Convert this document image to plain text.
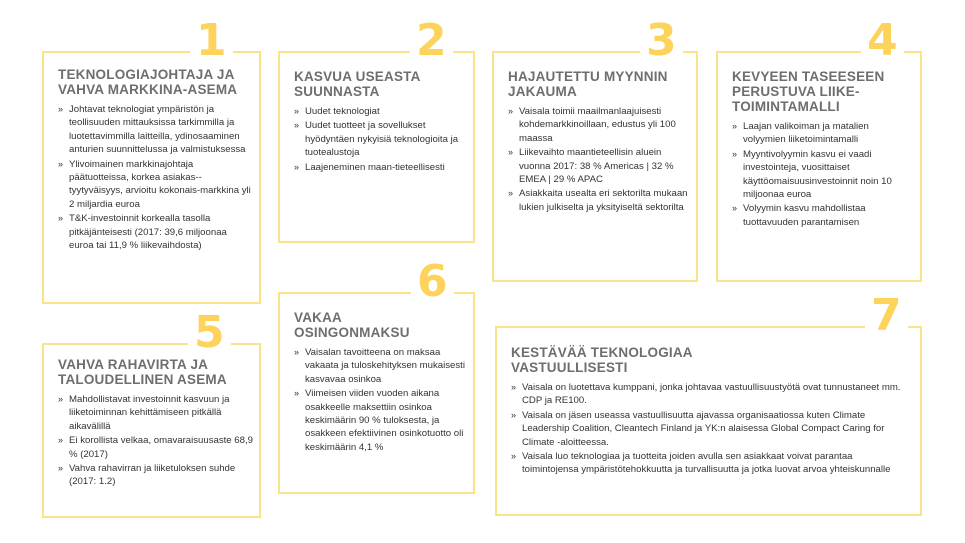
1
TEKNOLOGIAJOHTAJA JA VAHVA MARKKINA-ASEMA
» Johtavat teknologiat ympäristön ja teollisuuden mittauksissa tarkimmilla ja luotettavimmilla laitteilla, ydinosaaminen anturien suunnittelussa ja valmistuksessa
» Ylivoimainen markkinajohtaja päätuotteissa, korkea asiakas--tyytyväisyys, arvioitu kokonais-markkina yli 2 miljardia euroa
» T&K-investoinnit korkealla tasolla pitkäjänteisesti (2017: 39,6 miljoonaa euroa tai 11,9 % liikevaihdosta)
2
KASVUA USEASTA SUUNNASTA
» Uudet teknologiat
» Uudet tuotteet ja sovellukset hyödyntäen nykyisiä teknologioita ja tuotealustoja
» Laajeneminen maan-tieteellisesti
3
HAJAUTETTU MYYNNIN JAKAUMA
» Vaisala toimii maailmanlaajuisesti kohdemarkkinoillaan, edustus yli 100 maassa
» Liikevaihto maantieteellisin aluein vuonna 2017: 38 % Americas | 32 % EMEA | 29 % APAC
» Asiakkaita usealta eri sektorilta mukaan lukien julkiselta ja yksityiseltä sektorilta
4
KEVYEEN TASEESEEN PERUSTUVA LIIKE-TOIMINTAMALLI
» Laajan valikoiman ja matalien volyymien liiketoimintamalli
» Myyntivolyymin kasvu ei vaadi investointeja, vuosittaiset käyttöomaisuusinvestoinnit noin 10 miljoonaa euroa
» Volyymin kasvu mahdollistaa tuottavuuden parantamisen
5
VAHVA RAHAVIRTA JA TALOUDELLINEN ASEMA
» Mahdollistavat investoinnit kasvuun ja liiketoiminnan kehittämiseen pitkällä aikavälillä
» Ei korollista velkaa, omavaraisuusaste 68,9 % (2017)
» Vahva rahavirran ja liiketuloksen suhde (2017: 1.2)
6
VAKAA OSINGONMAKSU
» Vaisalan tavoitteena on maksaa vakaata ja tuloskehityksen mukaisesti kasvavaa osinkoa
» Viimeisen viiden vuoden aikana osakkeelle maksettiin osinkoa keskimäärin 90 % tuloksesta, ja osakkeen efektiivinen osinkotuotto oli keskimäärin 4,1 %
7
KESTÄVÄÄ TEKNOLOGIAA VASTUULLISESTI
» Vaisala on luotettava kumppani, jonka johtavaa vastuullisuustyötä ovat tunnustaneet mm. CDP ja RE100.
» Vaisala on jäsen useassa vastuullisuutta ajavassa organisaatiossa kuten Climate Leadership Coalition, Cleantech Finland ja YK:n alaisessa Global Compact Caring for Climate -aloitteessa.
» Vaisala luo teknologiaa ja tuotteita joiden avulla sen asiakkaat voivat parantaa toimintojensa ympäristötehokkuutta ja turvallisuutta ja jotka luovat arvoa yhteiskunnalle
